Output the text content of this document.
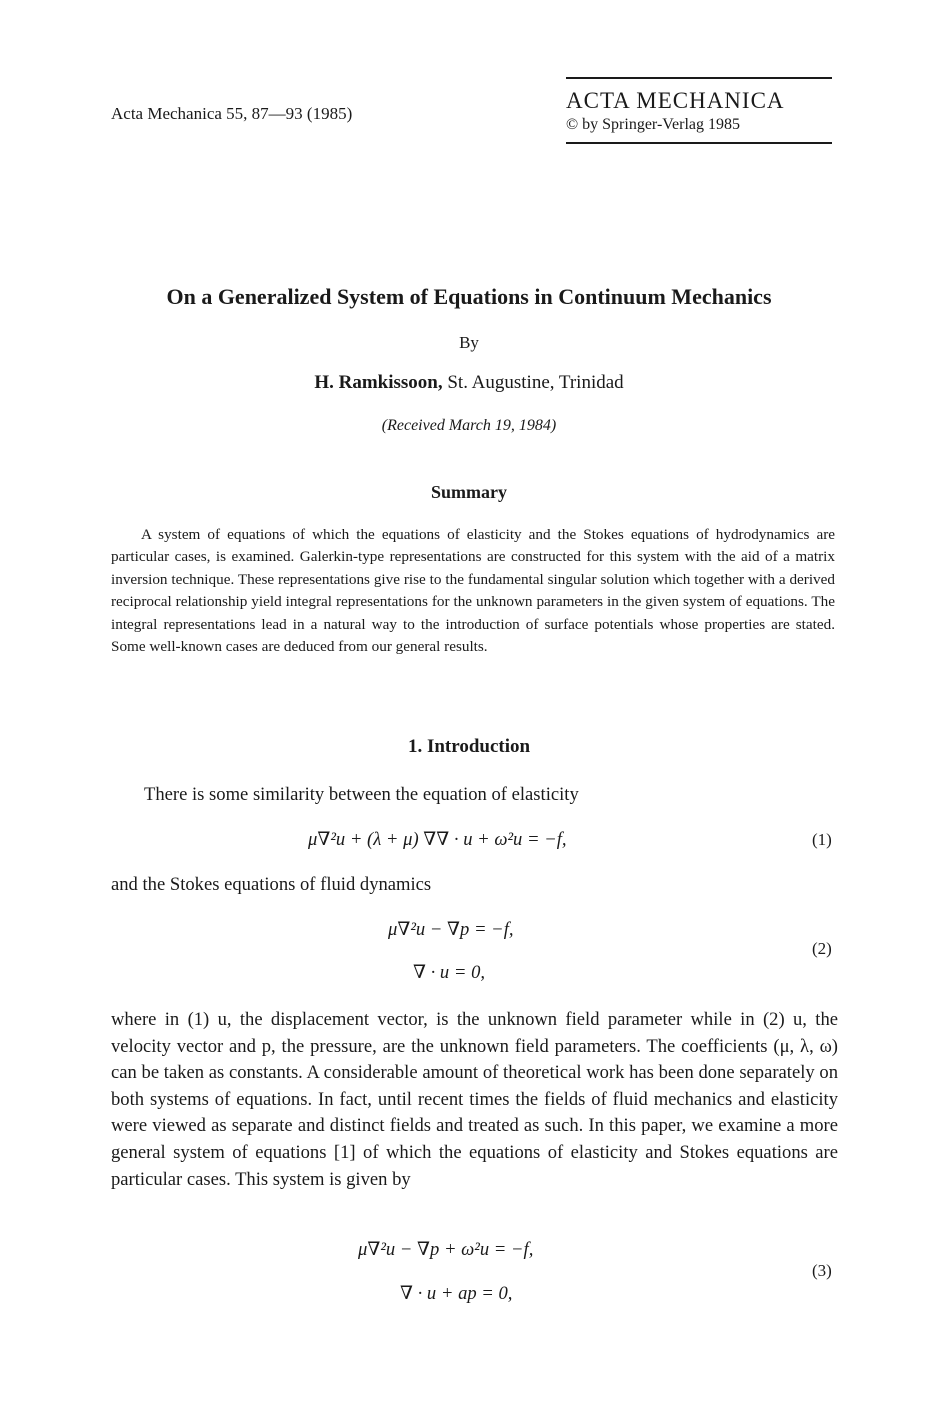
Acta Mechanica 55, 87—93 (1985)
ACTA MECHANICA
© by Springer-Verlag 1985
On a Generalized System of Equations in Continuum Mechanics
By
H. Ramkissoon, St. Augustine, Trinidad
(Received March 19, 1984)
Summary
A system of equations of which the equations of elasticity and the Stokes equations of hydrodynamics are particular cases, is examined. Galerkin-type representations are constructed for this system with the aid of a matrix inversion technique. These representations give rise to the fundamental singular solution which together with a derived reciprocal relationship yield integral representations for the unknown parameters in the given system of equations. The integral representations lead in a natural way to the introduction of surface potentials whose properties are stated. Some well-known cases are deduced from our general results.
1. Introduction
There is some similarity between the equation of elasticity
μ∇²u + (λ + μ) ∇∇ · u + ω²u = −f,	(1)
and the Stokes equations of fluid dynamics
μ∇²u − ∇p = −f,
∇ · u = 0,
(2)
where in (1) u, the displacement vector, is the unknown field parameter while in (2) u, the velocity vector and p, the pressure, are the unknown field parameters. The coefficients (μ, λ, ω) can be taken as constants. A considerable amount of theoretical work has been done separately on both systems of equations. In fact, until recent times the fields of fluid mechanics and elasticity were viewed as separate and distinct fields and treated as such. In this paper, we examine a more general system of equations [1] of which the equations of elasticity and Stokes equations are particular cases. This system is given by
μ∇²u − ∇p + ω²u = −f,
∇ · u + ap = 0,
(3)
